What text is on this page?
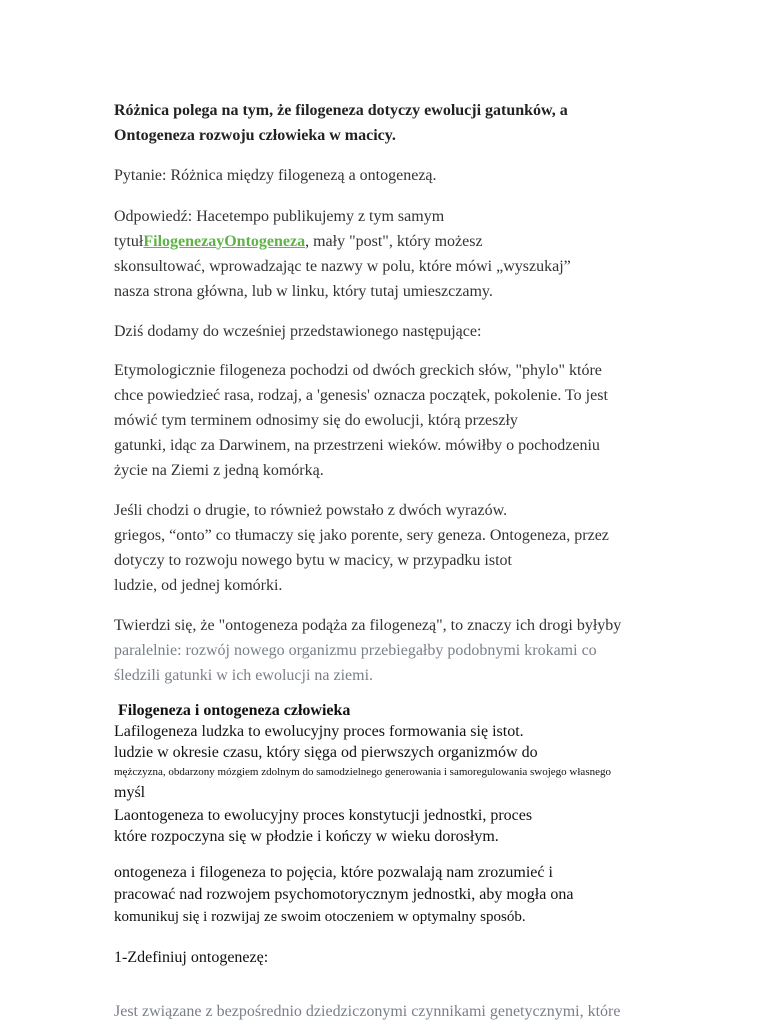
Różnica polega na tym, że filogeneza dotyczy ewolucji gatunków, a
Ontogeneza rozwoju człowieka w macicy.
Pytanie: Różnica między filogenezą a ontogenezą.
Odpowiedź: Hacetempo publikujemy z tym samym
tytułFilogenezayOntogeneza, mały "post", który możesz
skonsultować, wprowadzając te nazwy w polu, które mówi „wyszukaj”
nasza strona główna, lub w linku, który tutaj umieszczamy.
Dziś dodamy do wcześniej przedstawionego następujące:
Etymologicznie filogeneza pochodzi od dwóch greckich słów, "phylo" które
chce powiedzieć rasa, rodzaj, a 'genesis' oznacza początek, pokolenie. To jest
mówić tym terminem odnosimy się do ewolucji, którą przeszły
gatunki, idąc za Darwinem, na przestrzeni wieków. mówiłby o pochodzeniu
życie na Ziemi z jedną komórką.
Jeśli chodzi o drugie, to również powstało z dwóch wyrazów.
griegos, “onto” co tłumaczy się jako porente, sery geneza. Ontogeneza, przez
dotyczy to rozwoju nowego bytu w macicy, w przypadku istot
ludzie, od jednej komórki.
Twierdzi się, że "ontogeneza podąża za filogenezą", to znaczy ich drogi byłyby
paralelnie: rozwój nowego organizmu przebiegałby podobnymi krokami co
śledzili gatunki w ich ewolucji na ziemi.
Filogeneza i ontogeneza człowieka
Lafilogeneza ludzka to ewolucyjny proces formowania się istot.
ludzie w okresie czasu, który sięga od pierwszych organizmów do
mężczyzna, obdarzony mózgiem zdolnym do samodzielnego generowania i samoregulowania swojego własnego
myśl
Laontogeneza to ewolucyjny proces konstytucji jednostki, proces
które rozpoczyna się w płodzie i kończy w wieku dorosłym.
ontogeneza i filogeneza to pojęcia, które pozwalają nam zrozumieć i
pracować nad rozwojem psychomotorycznym jednostki, aby mogła ona
komunikuj się i rozwijaj ze swoim otoczeniem w optymalny sposób.
1-Zdefiniuj ontogenezę:
Jest związane z bezpośrednio dziedziczonymi czynnikami genetycznymi, które
